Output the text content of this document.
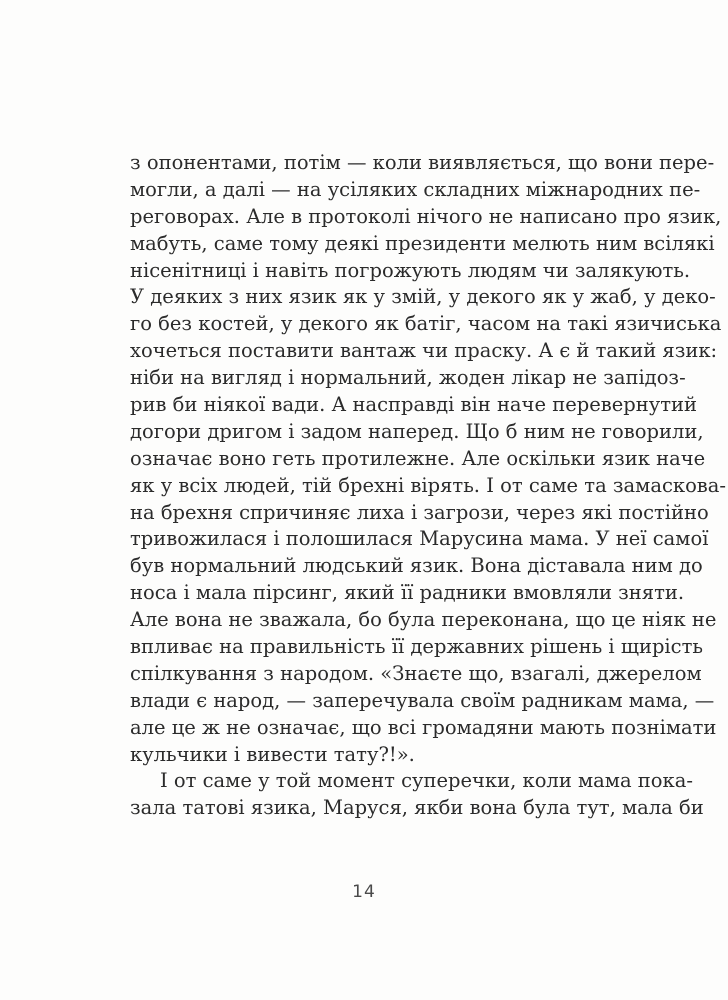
з опонентами, потім — коли виявляється, що вони пере-
могли, а далі — на усіляких складних міжнародних пе-
реговорах. Але в протоколі нічого не написано про язик,
мабуть, саме тому деякі президенти мелють ним всілякі
нісенітниці і навіть погрожують людям чи залякують.
У деяких з них язик як у змій, у декого як у жаб, у деко-
го без костей, у декого як батіг, часом на такі язичиська
хочеться поставити вантаж чи праску. А є й такий язик:
ніби на вигляд і нормальний, жоден лікар не запідоз-
рив би ніякої вади. А насправді він наче перевернутий
догори дригом і задом наперед. Що б ним не говорили,
означає воно геть протилежне. Але оскільки язик наче
як у всіх людей, тій брехні вірять. І от саме та замаскова-
на брехня спричиняє лиха і загрози, через які постійно
тривожилася і полошилася Марусина мама. У неї самої
був нормальний людський язик. Вона діставала ним до
носа і мала пірсинг, який її радники вмовляли зняти.
Але вона не зважала, бо була переконана, що це ніяк не
впливає на правильність її державних рішень і щирість
спілкування з народом. «Знаєте що, взагалі, джерелом
влади є народ, — заперечувала своїм радникам мама, —
але це ж не означає, що всі громадяни мають познімати
кульчики і вивести тату?!».
І от саме у той момент суперечки, коли мама пока-
зала татові язика, Маруся, якби вона була тут, мала би
14
